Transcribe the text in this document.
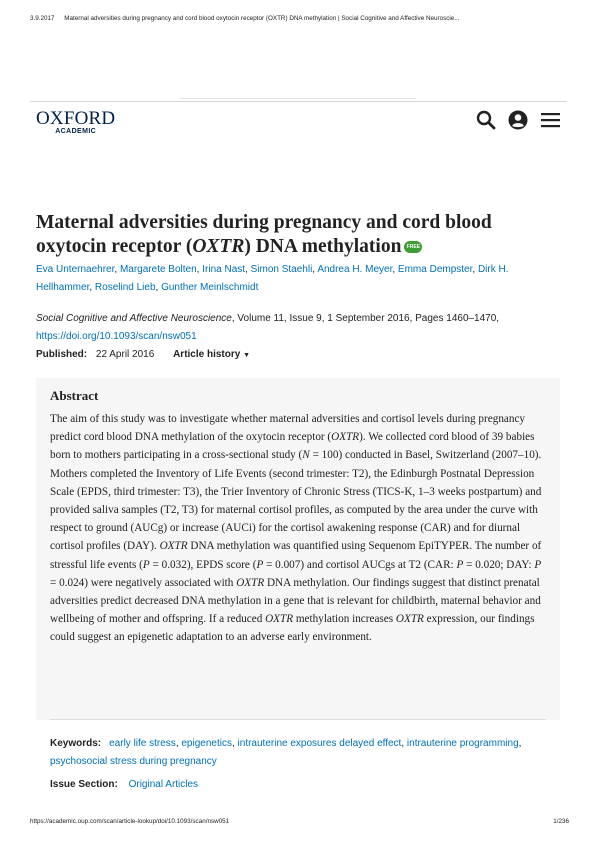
3.9.2017 Maternal adversities during pregnancy and cord blood oxytocin receptor (OXTR) DNA methylation | Social Cognitive and Affective Neuroscie...
OXFORD
ACADEMIC
Maternal adversities during pregnancy and cord blood oxytocin receptor (OXTR) DNA methylation FREE
Eva Unternaehrer, Margarete Bolten, Irina Nast, Simon Staehli, Andrea H. Meyer, Emma Dempster, Dirk H. Hellhammer, Roselind Lieb, Gunther Meinlschmidt
Social Cognitive and Affective Neuroscience, Volume 11, Issue 9, 1 September 2016, Pages 1460–1470, https://doi.org/10.1093/scan/nsw051
Published: 22 April 2016 Article history ▼
Abstract

The aim of this study was to investigate whether maternal adversities and cortisol levels during pregnancy predict cord blood DNA methylation of the oxytocin receptor (OXTR). We collected cord blood of 39 babies born to mothers participating in a cross-sectional study (N = 100) conducted in Basel, Switzerland (2007–10). Mothers completed the Inventory of Life Events (second trimester: T2), the Edinburgh Postnatal Depression Scale (EPDS, third trimester: T3), the Trier Inventory of Chronic Stress (TICS-K, 1–3 weeks postpartum) and provided saliva samples (T2, T3) for maternal cortisol profiles, as computed by the area under the curve with respect to ground (AUCg) or increase (AUCi) for the cortisol awakening response (CAR) and for diurnal cortisol profiles (DAY). OXTR DNA methylation was quantified using Sequenom EpiTYPER. The number of stressful life events (P = 0.032), EPDS score (P = 0.007) and cortisol AUCgs at T2 (CAR: P = 0.020; DAY: P = 0.024) were negatively associated with OXTR DNA methylation. Our findings suggest that distinct prenatal adversities predict decreased DNA methylation in a gene that is relevant for childbirth, maternal behavior and wellbeing of mother and offspring. If a reduced OXTR methylation increases OXTR expression, our findings could suggest an epigenetic adaptation to an adverse early environment.

Keywords: early life stress, epigenetics, intrauterine exposures delayed effect, intrauterine programming, psychosocial stress during pregnancy
Issue Section: Original Articles
https://academic.oup.com/scan/article-lookup/doi/10.1093/scan/nsw051	1/236
